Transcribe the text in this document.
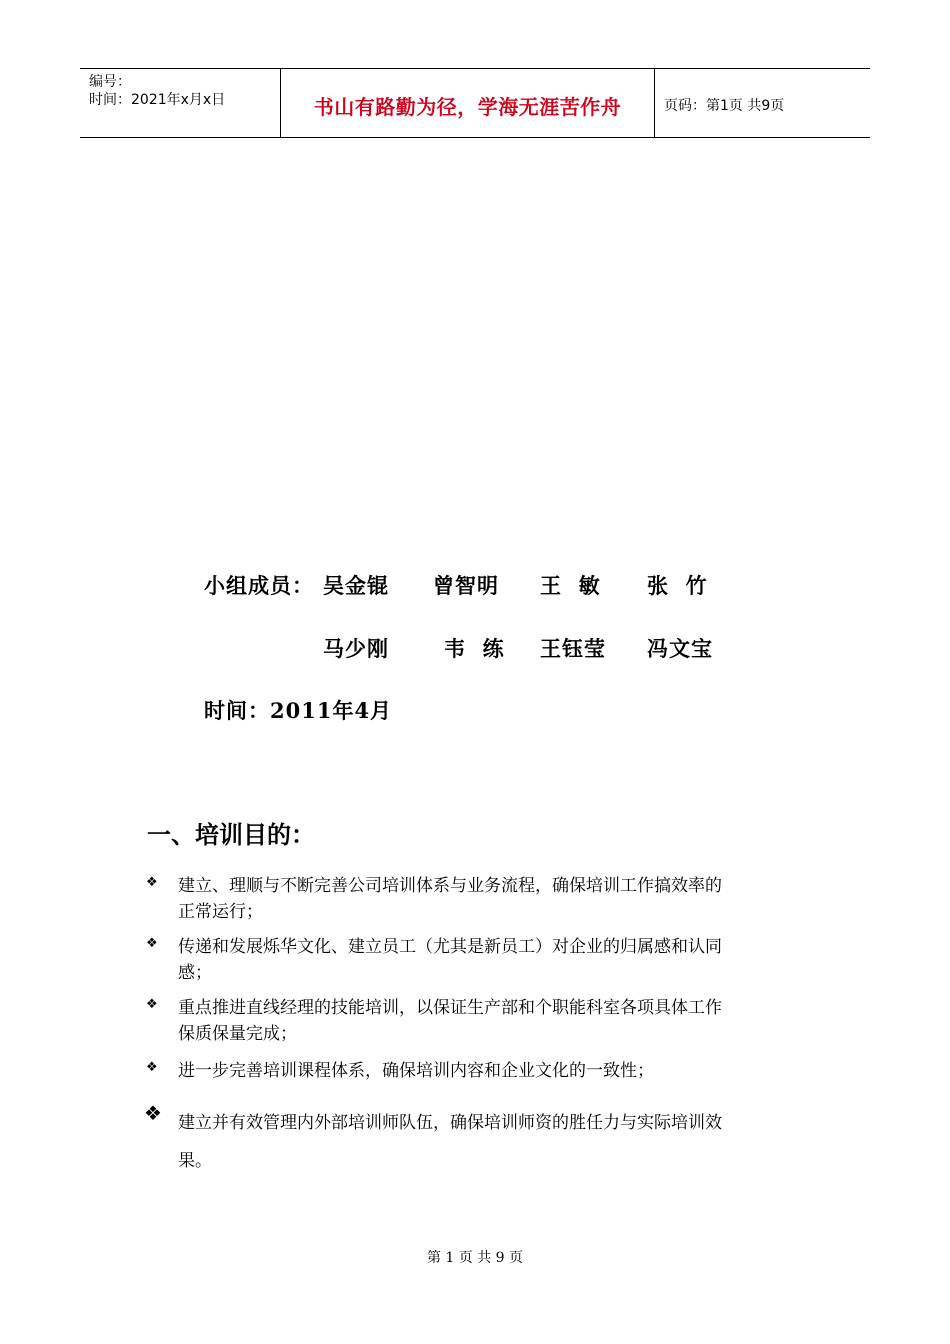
编号：
时间：2021年x月x日	书山有路勤为径，学海无涯苦作舟	页码：第1页 共9页
小组成员： 吴金锟 曾智明 王  敏 张  竹
马少刚	韦  练 王钰莹 冯文宝
时间：2011年4月
一、培训目的：
❖ 建立、理顺与不断完善公司培训体系与业务流程，确保培训工作搞效率的
正常运行；
❖ 传递和发展烁华文化、建立员工（尤其是新员工）对企业的归属感和认同
感；
❖ 重点推进直线经理的技能培训，以保证生产部和个职能科室各项具体工作
保质保量完成；
❖ 进一步完善培训课程体系，确保培训内容和企业文化的一致性；
❖ 建立并有效管理内外部培训师队伍，确保培训师资的胜任力与实际培训效
果。
第 1 页 共 9 页
